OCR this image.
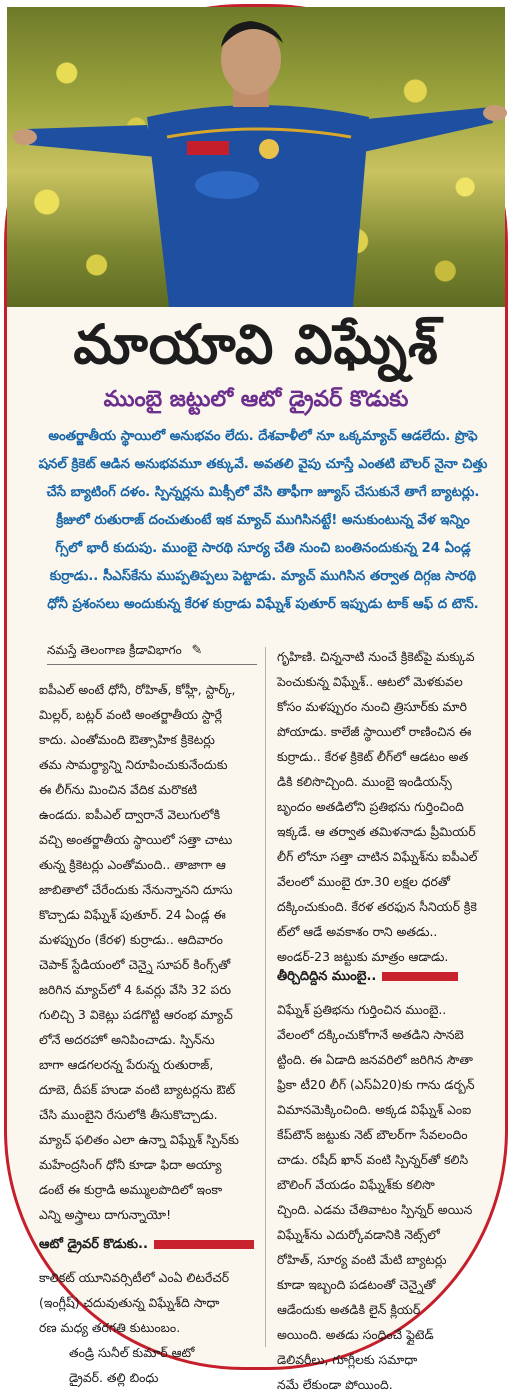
మాయావి విఘ్నేశ్
ముంబై జట్టులో ఆటో డ్రైవర్ కొడుకు
అంతర్జాతీయ స్థాయిలో అనుభవం లేదు. దేశవాళీలో నూ ఒక్కమ్యాచ్ ఆడలేదు. ప్రొఫె
షనల్ క్రికెట్ ఆడిన అనుభవమూ తక్కువే. అవతలి వైపు చూస్తే ఎంతటి బౌలర్ నైనా చిత్తు
చేసే బ్యాటింగ్ దళం. స్పిన్నర్లను మిక్సీలో వేసి తాఫీగా జ్యూస్ చేసుకునే తాగే బ్యాటర్లు.
క్రీజులో రుతురాజ్ దంచుతుంటే ఇక మ్యాచ్ ముగిసినట్టే! అనుకుంటున్న వేళ ఇన్నిం
గ్స్‌లో భారీ కుదుపు. ముంబై సారథి సూర్య చేతి నుంచి బంతినందుకున్న 24 ఏండ్ల
కుర్రాడు.. సీఎస్‌కేను ముప్పతిప్పలు పెట్టాడు. మ్యాచ్ ముగిసిన తర్వాత దిగ్గజ సారథి
ధోనీ ప్రశంసలు అందుకున్న కేరళ కుర్రాడు విఘ్నేశ్ పుతూర్ ఇప్పుడు టాక్ ఆఫ్ ద టౌన్.
నమస్తే తెలంగాణ క్రీడావిభాగం ✎
ఐపీఎల్ అంటే ధోనీ, రోహిత్, కోహ్లీ, స్టార్క్,
మిల్లర్, బట్లర్ వంటి అంతర్జాతీయ స్టార్లే
కాదు. ఎంతోమంది ఔత్సాహిక క్రికెటర్లు
తమ సామర్థ్యాన్ని నిరూపించుకునేందుకు
ఈ లీగ్‌ను మించిన వేదిక మరొకటి
ఉండదు. ఐపీఎల్ ద్వారానే వెలుగులోకి
వచ్చి అంతర్జాతీయ స్థాయిలో సత్తా చాటు
తున్న క్రికెటర్లు ఎంతోమంది.. తాజాగా ఆ
జాబితాలో చేరేందుకు నేనున్నానని దూసు
కొచ్చాడు విఘ్నేశ్ పుతూర్. 24 ఏండ్ల ఈ
మళప్పురం (కేరళ) కుర్రాడు.. ఆదివారం
చెపాక్ స్టేడియంలో చెన్నై సూపర్ కింగ్స్‌తో
జరిగిన మ్యాచ్‌లో 4 ఓవర్లు వేసి 32 పరు
గులిచ్చి 3 వికెట్లు పడగొట్టి ఆరంభ మ్యాచ్
లోనే అదరహో అనిపించాడు. స్పిన్‌ను
బాగా ఆడగలరన్న పేరున్న రుతురాజ్,
దూబె, దీపక్ హుడా వంటి బ్యాటర్లను ఔట్
చేసి ముంబైని రేసులోకి తీసుకొచ్చాడు.
మ్యాచ్ ఫలితం ఎలా ఉన్నా విఘ్నేశ్ స్పిన్‌కు
మహేంద్రసింగ్ ధోనీ కూడా ఫిదా అయ్యా
డంటే ఈ కుర్రాడి అమ్ములపొదిలో ఇంకా
ఎన్ని అస్త్రాలు దాగున్నాయో!
ఆటో డ్రైవర్ కొడుకు..
కాలికట్ యూనివర్సిటీలో ఎంఏ లిటరేచర్
(ఇంగ్లీష్) చదువుతున్న విఘ్నేశ్‌ది సాధా
రణ మధ్య తరగతి కుటుంబం.
తండ్రి సునీల్ కుమార్ ఆటో
డ్రైవర్. తల్లి బింధు
గృహిణి. చిన్ననాటి నుంచే క్రికెట్‌పై మక్కువ
పెంచుకున్న విఘ్నేశ్.. ఆటలో మెళకువల
కోసం మళప్పురం నుంచి త్రిసూర్‌కు మారి
పోయాడు. కాలేజీ స్థాయిలో రాణించిన ఈ
కుర్రాడు.. కేరళ క్రికెట్ లీగ్‌లో ఆడటం అత
డికి కలిసొచ్చింది. ముంబై ఇండియన్స్
బృందం అతడిలోని ప్రతిభను గుర్తించింది
ఇక్కడే. ఆ తర్వాత తమిళనాడు ప్రీమియర్
లీగ్ లోనూ సత్తా చాటిన విఘ్నేశ్‌ను ఐపీఎల్
వేలంలో ముంబై రూ.30 లక్షల ధరతో
దక్కించుకుంది. కేరళ తరఫున సీనియర్ క్రికె
ట్‌లో ఆడే అవకాశం రాని అతడు..
అండర్-23 జట్టుకు మాత్రం ఆడాడు.
తీర్చిదిద్దిన ముంబై..
విఘ్నేశ్ ప్రతిభను గుర్తించిన ముంబై..
వేలంలో దక్కించుకోగానే అతడిని సానబె
ట్టింది. ఈ ఏడాది జనవరిలో జరిగిన సౌతా
ఫ్రికా టీ20 లీగ్ (ఎస్ఏ20)కు గాను డర్బన్
విమానమెక్కించింది. అక్కడ విఘ్నేశ్ ఎంఐ
కేప్‌టౌన్ జట్టుకు నెట్ బౌలర్‌గా సేవలందిం
చాడు. రషీద్ ఖాన్ వంటి స్పిన్నర్‌తో కలిసి
బౌలింగ్ వేయడం విఘ్నేశ్‌కు కలిసొ
చ్చింది. ఎడమ చేతివాటం స్పిన్నర్ అయిన
విఘ్నేశ్‌ను ఎదుర్కోవడానికి నెట్స్‌లో
రోహిత్, సూర్య వంటి మేటి బ్యాటర్లు
కూడా ఇబ్బంది పడటంతో చెన్నైతో
ఆడేందుకు అతడికి లైన్ క్లియర్
అయింది. అతడు సంధించే ఫ్లైటెడ్
డెలివరీలు, గూగ్లీలకు సమాధా
నమే లేకుండా పోయింది.
